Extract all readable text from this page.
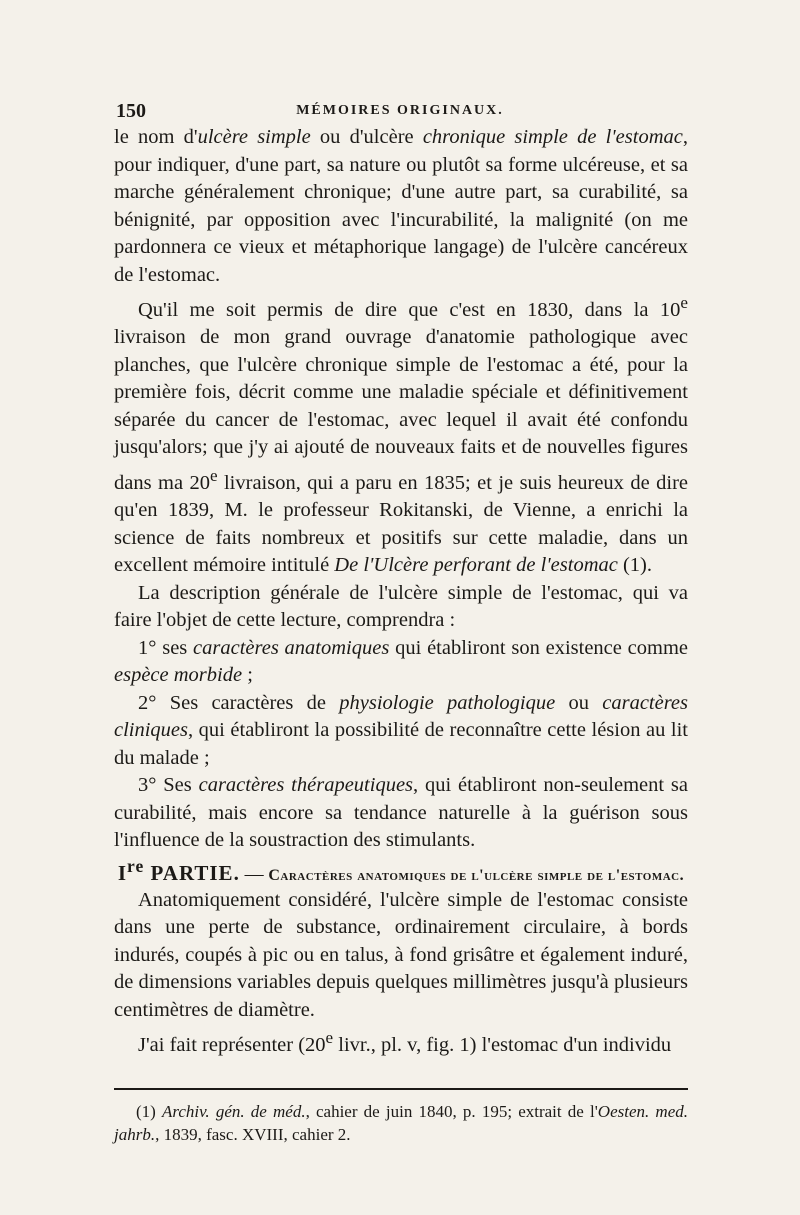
150	MÉMOIRES ORIGINAUX.

le nom d'ulcère simple ou d'ulcère chronique simple de l'estomac, pour indiquer, d'une part, sa nature ou plutôt sa forme ulcéreuse, et sa marche généralement chronique; d'une autre part, sa curabilité, sa bénignité, par opposition avec l'incurabilité, la malignité (on me pardonnera ce vieux et métaphorique langage) de l'ulcère cancéreux de l'estomac.

Qu'il me soit permis de dire que c'est en 1830, dans la 10e livraison de mon grand ouvrage d'anatomie pathologique avec planches, que l'ulcère chronique simple de l'estomac a été, pour la première fois, décrit comme une maladie spéciale et définitivement séparée du cancer de l'estomac, avec lequel il avait été confondu jusqu'alors; que j'y ai ajouté de nouveaux faits et de nouvelles figures dans ma 20e livraison, qui a paru en 1835; et je suis heureux de dire qu'en 1839, M. le professeur Rokitanski, de Vienne, a enrichi la science de faits nombreux et positifs sur cette maladie, dans un excellent mémoire intitulé De l'Ulcère perforant de l'estomac (1).

La description générale de l'ulcère simple de l'estomac, qui va faire l'objet de cette lecture, comprendra :

1° ses caractères anatomiques qui établiront son existence comme espèce morbide ;

2° Ses caractères de physiologie pathologique ou caractères cliniques, qui établiront la possibilité de reconnaître cette lésion au lit du malade ;

3° Ses caractères thérapeutiques, qui établiront non-seulement sa curabilité, mais encore sa tendance naturelle à la guérison sous l'influence de la soustraction des stimulants.

Ire PARTIE. — Caractères anatomiques de l'ulcère simple de l'estomac.

Anatomiquement considéré, l'ulcère simple de l'estomac consiste dans une perte de substance, ordinairement circulaire, à bords indurés, coupés à pic ou en talus, à fond grisâtre et également induré, de dimensions variables depuis quelques millimètres jusqu'à plusieurs centimètres de diamètre.

J'ai fait représenter (20e livr., pl. v, fig. 1) l'estomac d'un individu

(1) Archiv. gén. de méd., cahier de juin 1840, p. 195; extrait de l'Oesten. med. jahrb., 1839, fasc. XVIII, cahier 2.
